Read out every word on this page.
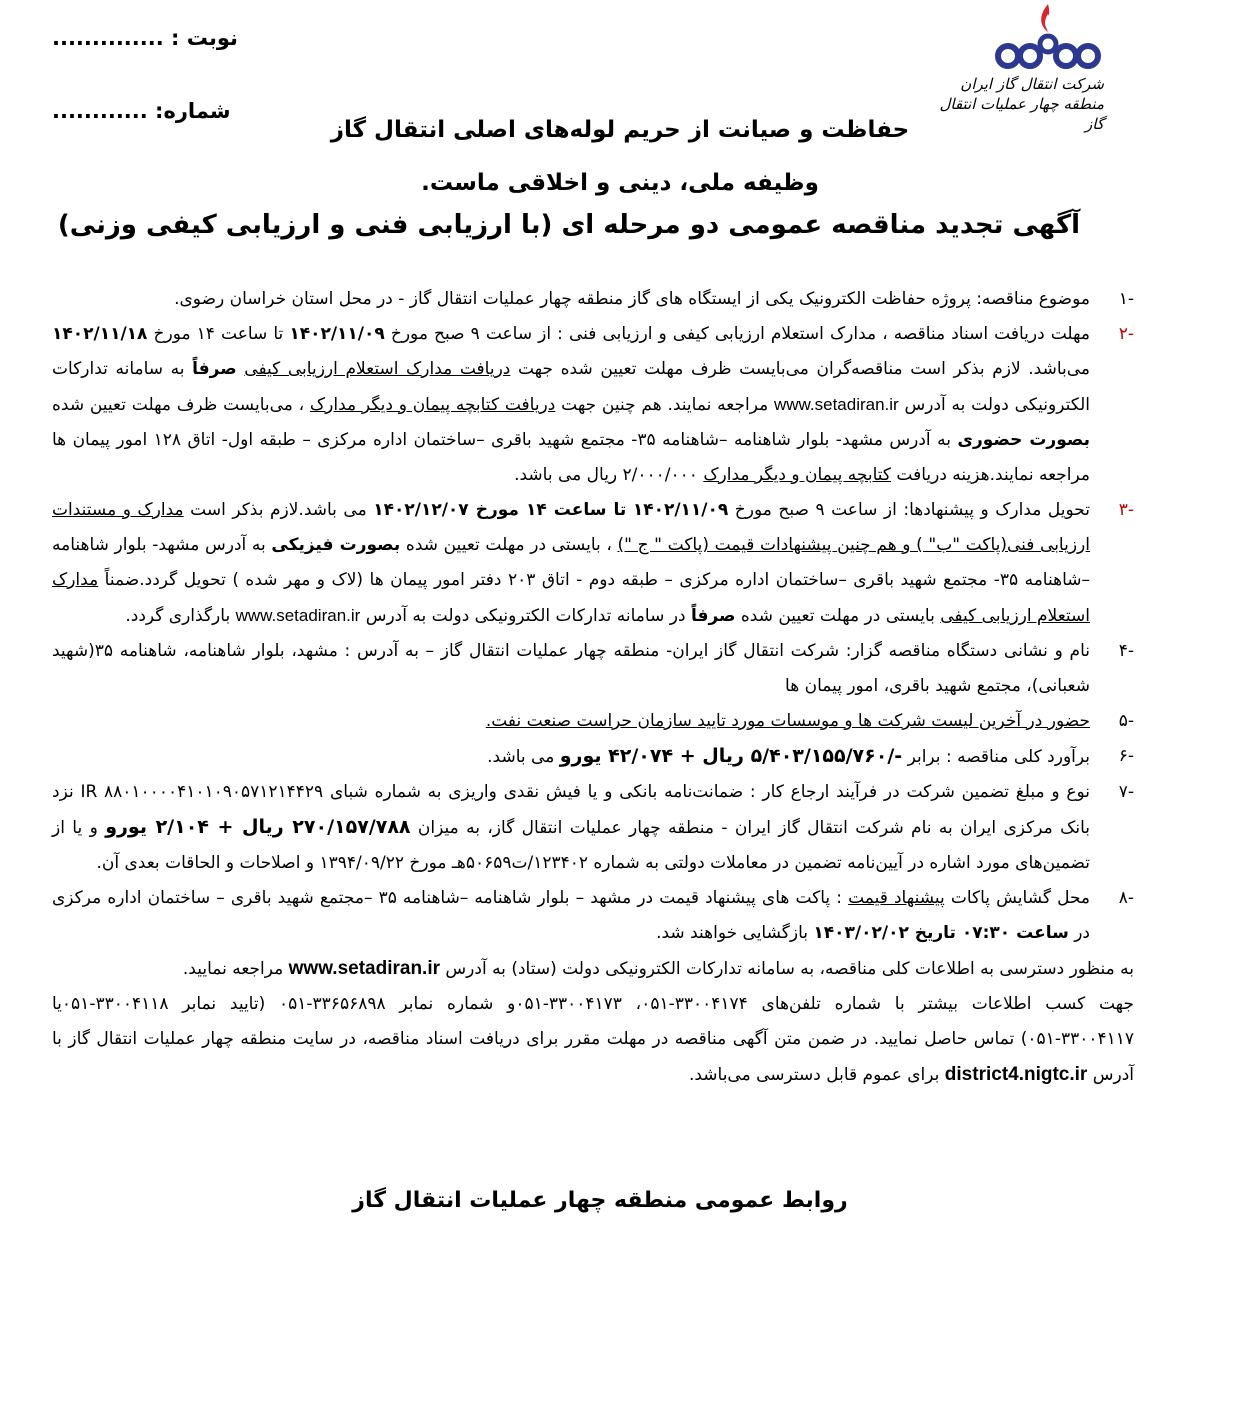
نوبت : ..............
شماره: ............
شرکت انتقال گاز ایران
منطقه چهار عملیات انتقال گاز
حفاظت و صیانت از حریم لوله‌های اصلی انتقال گاز
وظیفه ملی، دینی و اخلاقی ماست.
آگهی تجدید مناقصه عمومی دو مرحله ای (با ارزیابی فنی و ارزیابی کیفی وزنی)
-۱
موضوع مناقصه: پروژه حفاظت الکترونیک یکی از ایستگاه های گاز منطقه چهار عملیات انتقال گاز - در محل استان خراسان رضوی.
-۲
مهلت دریافت اسناد مناقصه ، مدارک استعلام ارزیابی کیفی و ارزیابی فنی : از ساعت ۹ صبح مورخ ۱۴۰۲/۱۱/۰۹ تا ساعت ۱۴ مورخ ۱۴۰۲/۱۱/۱۸ می‌باشد. لازم بذکر است مناقصه‌گران می‌بایست ظرف مهلت تعیین شده جهت دریافت مدارک استعلام ارزیابی کیفی صرفاً به سامانه تدارکات الکترونیکی دولت به آدرس www.setadiran.ir مراجعه نمایند. هم چنین جهت دریافت کتابچه پیمان و دیگر مدارک ، می‌بایست ظرف مهلت تعیین شده بصورت حضوری به آدرس مشهد- بلوار شاهنامه –شاهنامه ۳۵- مجتمع شهید باقری –ساختمان اداره مرکزی – طبقه اول- اتاق ۱۲۸ امور پیمان ها مراجعه نمایند.هزینه دریافت کتابچه پیمان و دیگر مدارک ۲/۰۰۰/۰۰۰ ریال می باشد.
-۳
تحویل مدارک و پیشنهادها: از ساعت ۹ صبح مورخ ۱۴۰۲/۱۱/۰۹ تا ساعت ۱۴ مورخ ۱۴۰۲/۱۲/۰۷ می باشد.لازم بذکر است مدارک و مستندات ارزیابی فنی(پاکت "ب" ) و هم چنین پیشنهادات قیمت (پاکت " ج ") ، بایستی در مهلت تعیین شده بصورت فیزیکی به آدرس مشهد- بلوار شاهنامه –شاهنامه ۳۵- مجتمع شهید باقری –ساختمان اداره مرکزی – طبقه دوم - اتاق ۲۰۳ دفتر امور پیمان ها (لاک و مهر شده ) تحویل گردد.ضمناً مدارک استعلام ارزیابی کیفی بایستی در مهلت تعیین شده صرفاً در سامانه تدارکات الکترونیکی دولت به آدرس www.setadiran.ir بارگذاری گردد.
-۴
نام و نشانی دستگاه مناقصه گزار: شرکت انتقال گاز ایران- منطقه چهار عملیات انتقال گاز – به آدرس : مشهد، بلوار شاهنامه، شاهنامه ۳۵(شهید شعبانی)، مجتمع شهید باقری، امور پیمان ها
-۵
حضور در آخرین لیست شرکت ها و موسسات مورد تایید سازمان حراست صنعت نفت.
-۶
برآورد کلی مناقصه : برابر -/۵/۴۰۳/۱۵۵/۷۶۰ ریال + ۴۲/۰۷۴ یورو می باشد.
-۷
نوع و مبلغ تضمین شرکت در فرآیند ارجاع کار : ضمانت‌نامه بانکی و یا فیش نقدی واریزی به شماره شبای IR ۸۸۰۱۰۰۰۰۴۱۰۱۰۹۰۵۷۱۲۱۴۴۲۹ نزد بانک مرکزی ایران به نام شرکت انتقال گاز ایران - منطقه چهار عملیات انتقال گاز، به میزان ۲۷۰/۱۵۷/۷۸۸ ریال + ۲/۱۰۴ یورو و یا از تضمین‌های مورد اشاره در آیین‌نامه تضمین در معاملات دولتی به شماره ۱۲۳۴۰۲/ت۵۰۶۵۹هـ مورخ ۱۳۹۴/۰۹/۲۲ و اصلاحات و الحاقات بعدی آن.
-۸
محل گشایش پاکات پیشنهاد قیمت : پاکت های پیشنهاد قیمت در مشهد – بلوار شاهنامه –شاهنامه ۳۵ –مجتمع شهید باقری – ساختمان اداره مرکزی در ساعت ۰۷:۳۰ تاریخ ۱۴۰۳/۰۲/۰۲ بازگشایی خواهند شد.
به منظور دسترسی به اطلاعات کلی مناقصه، به سامانه تدارکات الکترونیکی دولت (ستاد) به آدرس www.setadiran.ir مراجعه نمایید.
جهت کسب اطلاعات بیشتر با شماره تلفن‌های ۳۳۰۰۴۱۷۴-۰۵۱، ۳۳۰۰۴۱۷۳-۰۵۱و شماره نمابر ۳۳۶۵۶۸۹۸-۰۵۱ (تایید نمابر ۳۳۰۰۴۱۱۸-۰۵۱یا ۳۳۰۰۴۱۱۷-۰۵۱) تماس حاصل نمایید. در ضمن متن آگهی مناقصه در مهلت مقرر برای دریافت اسناد مناقصه، در سایت منطقه چهار عملیات انتقال گاز با آدرس district4.nigtc.ir برای عموم قابل دسترسی می‌باشد.
روابط عمومی منطقه چهار عملیات انتقال گاز
